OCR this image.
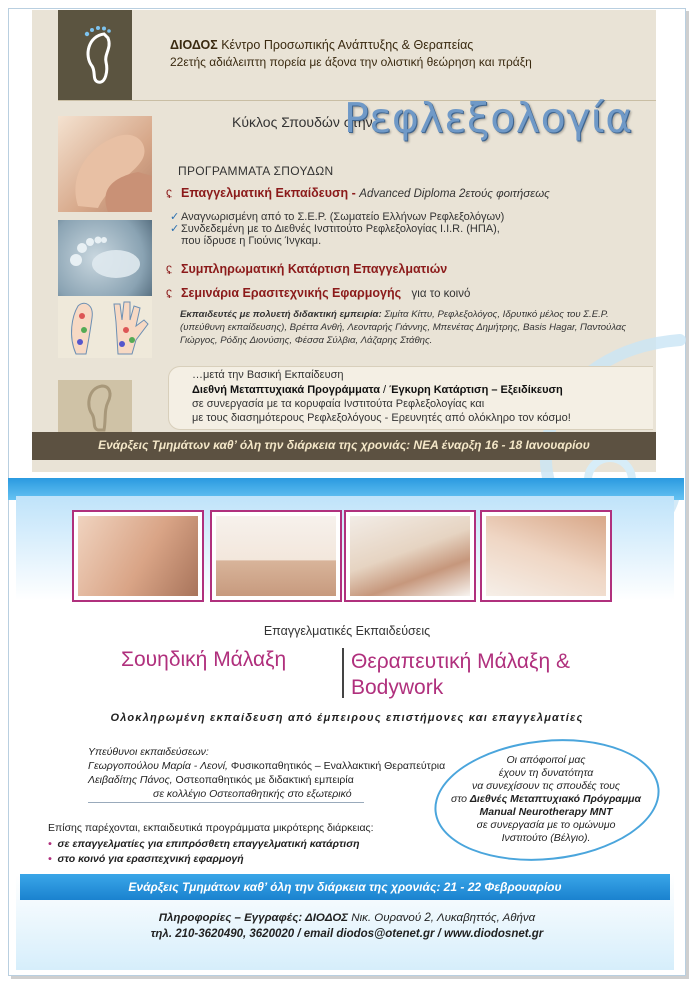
ΔΙΟΔΟΣ Κέντρο Προσωπικής Ανάπτυξης & Θεραπείας
22ετής αδιάλειπτη πορεία με άξονα την ολιστική θεώρηση και πράξη
Κύκλος Σπουδών στην
Ρεφλεξολογία
ΠΡΟΓΡΑΜΜΑΤΑ ΣΠΟΥΔΩΝ
ʢ Επαγγελματική Εκπαίδευση - Advanced Diploma 2ετούς φοιτήσεως
✓ Αναγνωρισμένη από το Σ.Ε.Ρ. (Σωματείο Ελλήνων Ρεφλεξολόγων)
✓ Συνδεδεμένη με το Διεθνές Ινστιτούτο Ρεφλεξολογίας I.I.R. (ΗΠΑ),
που ίδρυσε η Γιούνις Ίνγκαμ.
ʢ Συμπληρωματική Κατάρτιση Επαγγελματιών
ʢ Σεμινάρια Ερασιτεχνικής Εφαρμογής για το κοινό
Εκπαιδευτές με πολυετή διδακτική εμπειρία: Σιμίτα Κίττυ, Ρεφλεξολόγος, Ιδρυτικό μέλος του Σ.Ε.Ρ. (υπεύθυνη εκπαίδευσης), Βρέττα Ανθή, Λεονταρής Γιάννης, Μπενέτας Δημήτρης, Basis Hagar, Παντούλας Γιώργος, Ρόδης Διονύσης, Φέσσα Σύλβια, Λάζαρης Στάθης.
…μετά την Βασική Εκπαίδευση
Διεθνή Μεταπτυχιακά Προγράμματα / Έγκυρη Κατάρτιση – Εξειδίκευση
σε συνεργασία με τα κορυφαία Ινστιτούτα Ρεφλεξολογίας και
με τους διασημότερους Ρεφλεξολόγους - Ερευνητές από ολόκληρο τον κόσμο!
Ενάρξεις Τμημάτων καθ’ όλη την διάρκεια της χρονιάς: ΝΕΑ έναρξη 16 - 18 Ιανουαρίου
Επαγγελματικές Εκπαιδεύσεις
Σουηδική Μάλαξη	Θεραπευτική Μάλαξη &
Bodywork
Ολοκληρωμένη εκπαίδευση από έμπειρους επιστήμονες και επαγγελματίες
Υπεύθυνοι εκπαιδεύσεων:
Γεωργοπούλου Μαρία - Λεονί, Φυσικοπαθητικός – Εναλλακτική Θεραπεύτρια
Λειβαδίτης Πάνος, Οστεοπαθητικός με διδακτική εμπειρία
σε κολλέγιο Οστεοπαθητικής στο εξωτερικό
Επίσης παρέχονται, εκπαιδευτικά προγράμματα μικρότερης διάρκειας:
• σε επαγγελματίες για επιπρόσθετη επαγγελματική κατάρτιση
• στο κοινό για ερασιτεχνική εφαρμογή
Οι απόφοιτοί μας
έχουν τη δυνατότητα
να συνεχίσουν τις σπουδές τους
στο Διεθνές Μεταπτυχιακό Πρόγραμμα
Manual Neurotherapy MNT
σε συνεργασία με το ομώνυμο
Ινστιτούτο (Βέλγιο).
Ενάρξεις Τμημάτων καθ’ όλη την διάρκεια της χρονιάς: 21 - 22 Φεβρουαρίου
Πληροφορίες – Εγγραφές: ΔΙΟΔΟΣ Νικ. Ουρανού 2, Λυκαβηττός, Αθήνα
τηλ. 210-3620490, 3620020 / email diodos@otenet.gr / www.diodosnet.gr
